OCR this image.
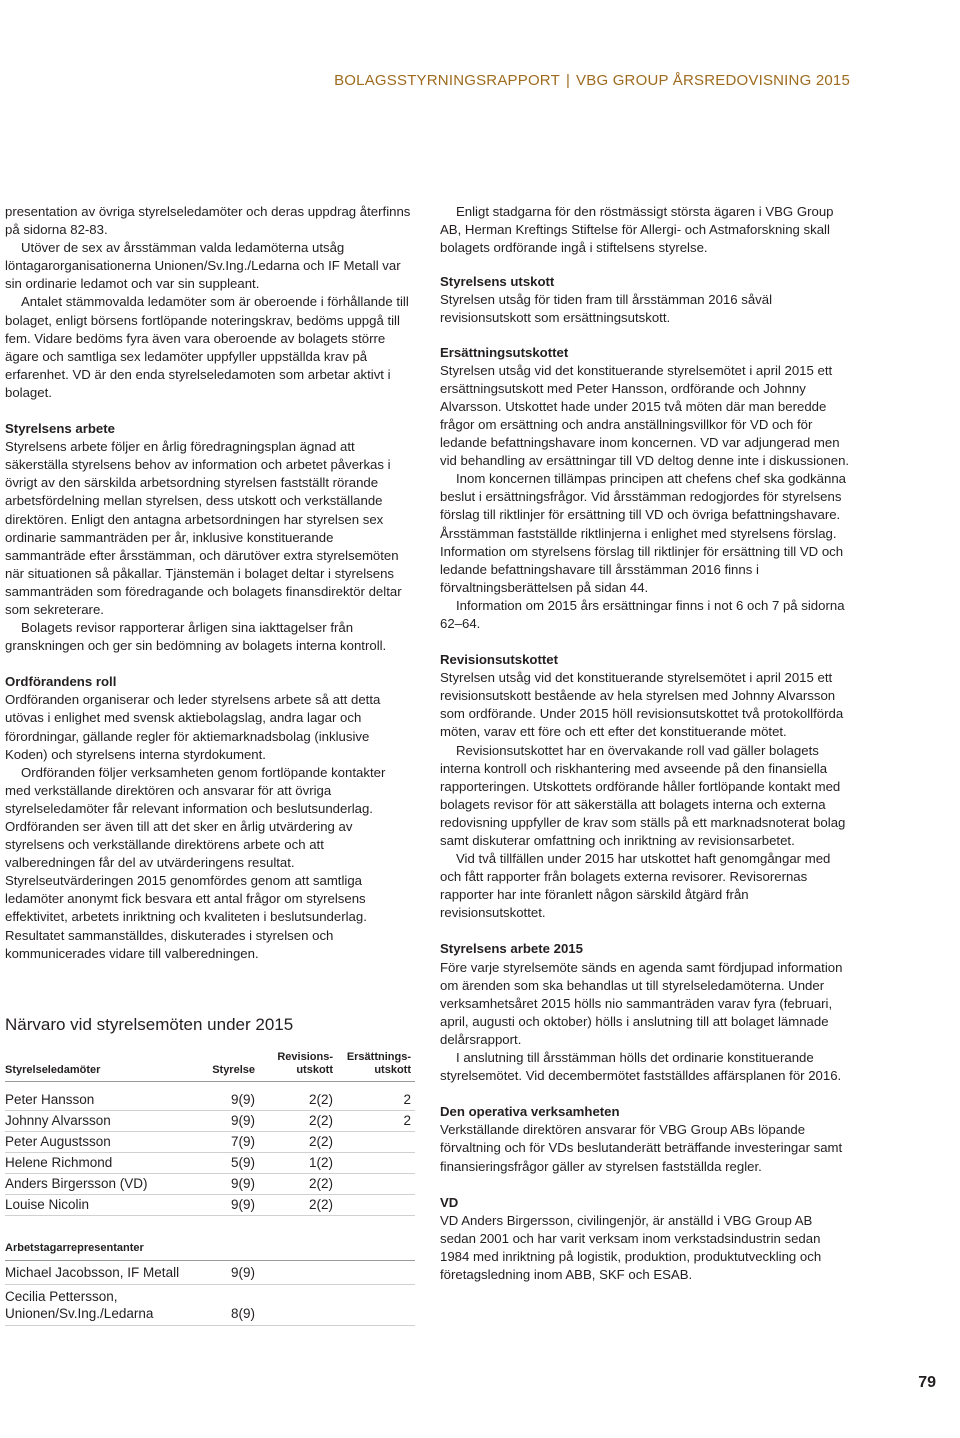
BOLAGSSTYRNINGSRAPPORT | VBG GROUP ÅRSREDOVISNING 2015

presentation av övriga styrelseledamöter och deras uppdrag återfinns på sidorna 82-83.

Utöver de sex av årsstämman valda ledamöterna utsåg löntagarorganisationerna Unionen/Sv.Ing./Ledarna och IF Metall var sin ordinarie ledamot och var sin suppleant.

Antalet stämmovalda ledamöter som är oberoende i förhållande till bolaget, enligt börsens fortlöpande noteringskrav, bedöms uppgå till fem. Vidare bedöms fyra även vara oberoende av bolagets större ägare och samtliga sex ledamöter uppfyller uppställda krav på erfarenhet. VD är den enda styrelseledamoten som arbetar aktivt i bolaget.

Styrelsens arbete

Styrelsens arbete följer en årlig föredragningsplan ägnad att säkerställa styrelsens behov av information och arbetet påverkas i övrigt av den särskilda arbetsordning styrelsen fastställt rörande arbetsfördelning mellan styrelsen, dess utskott och verkställande direktören. Enligt den antagna arbetsordningen har styrelsen sex ordinarie sammanträden per år, inklusive konstituerande sammanträde efter årsstämman, och därutöver extra styrelsemöten när situationen så påkallar. Tjänstemän i bolaget deltar i styrelsens sammanträden som föredragande och bolagets finansdirektör deltar som sekreterare.

Bolagets revisor rapporterar årligen sina iakttagelser från granskningen och ger sin bedömning av bolagets interna kontroll.

Ordförandens roll

Ordföranden organiserar och leder styrelsens arbete så att detta utövas i enlighet med svensk aktiebolagslag, andra lagar och förordningar, gällande regler för aktiemarknadsbolag (inklusive Koden) och styrelsens interna styrdokument.

Ordföranden följer verksamheten genom fortlöpande kontakter med verkställande direktören och ansvarar för att övriga styrelseledamöter får relevant information och beslutsunderlag. Ordföranden ser även till att det sker en årlig utvärdering av styrelsens och verkställande direktörens arbete och att valberedningen får del av utvärderingens resultat. Styrelseutvärderingen 2015 genomfördes genom att samtliga ledamöter anonymt fick besvara ett antal frågor om styrelsens effektivitet, arbetets inriktning och kvaliteten i beslutsunderlag. Resultatet sammanställdes, diskuterades i styrelsen och kommunicerades vidare till valberedningen.

Närvaro vid styrelsemöten under 2015
Styrelseledamöter	Styrelse
Revisions-
utskott
Ersättnings-
utskott
Peter Hansson	9(9)	2(2)	2
Johnny Alvarsson	9(9)	2(2)	2
Peter Augustsson	7(9)	2(2)
Helene Richmond	5(9)	1(2)
Anders Birgersson (VD)	9(9)	2(2)
Louise Nicolin	9(9)	2(2)
Arbetstagarrepresentanter
Michael Jacobsson, IF Metall	9(9)
Cecilia Pettersson,
Unionen/Sv.Ing./Ledarna	8(9)

Enligt stadgarna för den röstmässigt största ägaren i VBG Group AB, Herman Kreftings Stiftelse för Allergi- och Astmaforskning skall bolagets ordförande ingå i stiftelsens styrelse.

Styrelsens utskott

Styrelsen utsåg för tiden fram till årsstämman 2016 såväl revisionsutskott som ersättningsutskott.

Ersättningsutskottet

Styrelsen utsåg vid det konstituerande styrelsemötet i april 2015 ett ersättningsutskott med Peter Hansson, ordförande och Johnny Alvarsson. Utskottet hade under 2015 två möten där man beredde frågor om ersättning och andra anställningsvillkor för VD och för ledande befattningshavare inom koncernen. VD var adjungerad men vid behandling av ersättningar till VD deltog denne inte i diskussionen.

Inom koncernen tillämpas principen att chefens chef ska godkänna beslut i ersättningsfrågor. Vid årsstämman redogjordes för styrelsens förslag till riktlinjer för ersättning till VD och övriga befattningshavare. Årsstämman fastställde riktlinjerna i enlighet med styrelsens förslag. Information om styrelsens förslag till riktlinjer för ersättning till VD och ledande befattningshavare till årsstämman 2016 finns i förvaltningsberättelsen på sidan 44.

Information om 2015 års ersättningar finns i not 6 och 7 på sidorna 62–64.

Revisionsutskottet

Styrelsen utsåg vid det konstituerande styrelsemötet i april 2015 ett revisionsutskott bestående av hela styrelsen med Johnny Alvarsson som ordförande. Under 2015 höll revisionsutskottet två protokollförda möten, varav ett före och ett efter det konstituerande mötet.

Revisionsutskottet har en övervakande roll vad gäller bolagets interna kontroll och riskhantering med avseende på den finansiella rapporteringen. Utskottets ordförande håller fortlöpande kontakt med bolagets revisor för att säkerställa att bolagets interna och externa redovisning uppfyller de krav som ställs på ett marknadsnoterat bolag samt diskuterar omfattning och inriktning av revisionsarbetet.

Vid två tillfällen under 2015 har utskottet haft genomgångar med och fått rapporter från bolagets externa revisorer. Revisorernas rapporter har inte föranlett någon särskild åtgärd från revisionsutskottet.

Styrelsens arbete 2015

Före varje styrelsemöte sänds en agenda samt fördjupad information om ärenden som ska behandlas ut till styrelseledamöterna. Under verksamhetsåret 2015 hölls nio sammanträden varav fyra (februari, april, augusti och oktober) hölls i anslutning till att bolaget lämnade delårsrapport.

I anslutning till årsstämman hölls det ordinarie konstituerande styrelsemötet. Vid decembermötet fastställdes affärsplanen för 2016.

Den operativa verksamheten

Verkställande direktören ansvarar för VBG Group ABs löpande förvaltning och för VDs beslutanderätt beträffande investeringar samt finansieringsfrågor gäller av styrelsen fastställda regler.

VD

VD Anders Birgersson, civilingenjör, är anställd i VBG Group AB sedan 2001 och har varit verksam inom verkstadsindustrin sedan 1984 med inriktning på logistik, produktion, produktutveckling och företagsledning inom ABB, SKF och ESAB.

79
